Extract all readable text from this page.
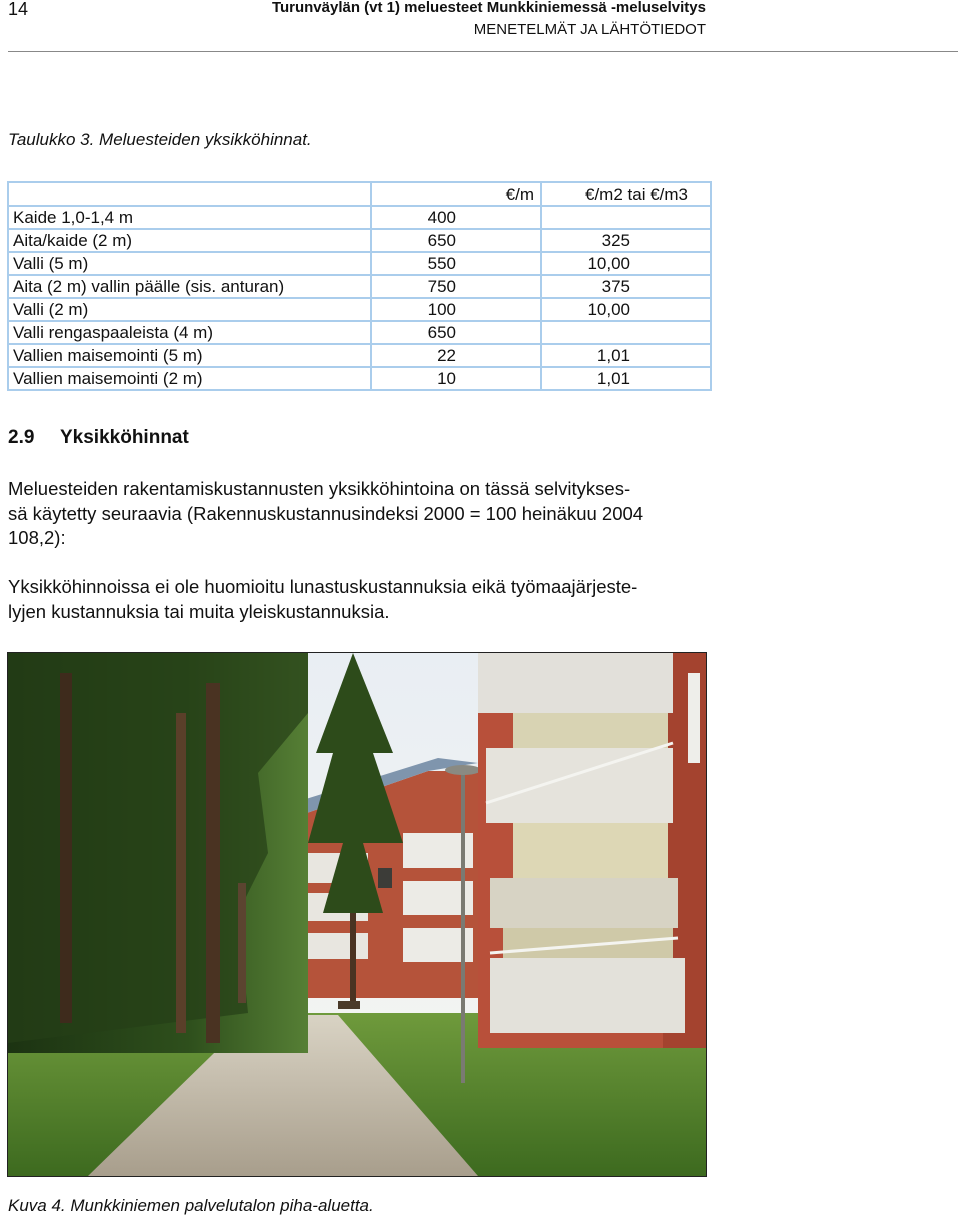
14	Turunväylän (vt 1) meluesteet Munkkiniemessä -meluselvitys
MENETELMÄT JA LÄHTÖTIEDOT
Taulukko 3. Meluesteiden yksikköhinnat.
	€/m	€/m2 tai €/m3
Kaide 1,0-1,4 m	400	
Aita/kaide (2 m)	650	325
Valli (5 m)	550	10,00
Aita (2 m) vallin päälle (sis. anturan)	750	375
Valli (2 m)	100	10,00
Valli rengaspaaleista (4 m)	650	
Vallien maisemointi (5 m)	22	1,01
Vallien maisemointi (2 m)	10	1,01
2.9 Yksikköhinnat
Meluesteiden rakentamiskustannusten yksikköhintoina on tässä selvitykses-
sä käytetty seuraavia (Rakennuskustannusindeksi 2000 = 100 heinäkuu 2004
108,2):
Yksikköhinnoissa ei ole huomioitu lunastuskustannuksia eikä työmaajärjeste-
lyjen kustannuksia tai muita yleiskustannuksia.
Kuva 4. Munkkiniemen palvelutalon piha-aluetta.
